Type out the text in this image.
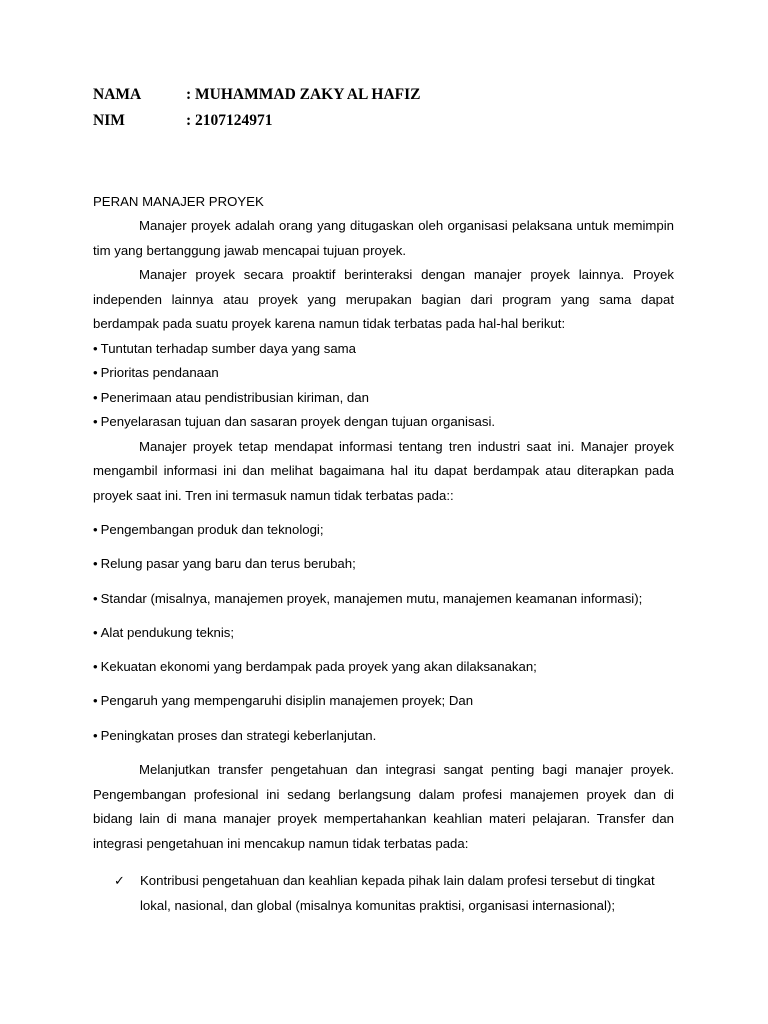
NAMA	: MUHAMMAD ZAKY AL HAFIZ
NIM	: 2107124971
PERAN MANAJER PROYEK

Manajer proyek adalah orang yang ditugaskan oleh organisasi pelaksana untuk memimpin tim yang bertanggung jawab mencapai tujuan proyek.

Manajer proyek secara proaktif berinteraksi dengan manajer proyek lainnya. Proyek independen lainnya atau proyek yang merupakan bagian dari program yang sama dapat berdampak pada suatu proyek karena namun tidak terbatas pada hal-hal berikut:

• Tuntutan terhadap sumber daya yang sama
• Prioritas pendanaan
• Penerimaan atau pendistribusian kiriman, dan
• Penyelarasan tujuan dan sasaran proyek dengan tujuan organisasi.

Manajer proyek tetap mendapat informasi tentang tren industri saat ini. Manajer proyek mengambil informasi ini dan melihat bagaimana hal itu dapat berdampak atau diterapkan pada proyek saat ini. Tren ini termasuk namun tidak terbatas pada::

• Pengembangan produk dan teknologi;
• Relung pasar yang baru dan terus berubah;
• Standar (misalnya, manajemen proyek, manajemen mutu, manajemen keamanan informasi);
• Alat pendukung teknis;
• Kekuatan ekonomi yang berdampak pada proyek yang akan dilaksanakan;
• Pengaruh yang mempengaruhi disiplin manajemen proyek; Dan
• Peningkatan proses dan strategi keberlanjutan.

Melanjutkan transfer pengetahuan dan integrasi sangat penting bagi manajer proyek. Pengembangan profesional ini sedang berlangsung dalam profesi manajemen proyek dan di bidang lain di mana manajer proyek mempertahankan keahlian materi pelajaran. Transfer dan integrasi pengetahuan ini mencakup namun tidak terbatas pada:

✓ Kontribusi pengetahuan dan keahlian kepada pihak lain dalam profesi tersebut di tingkat lokal, nasional, dan global (misalnya komunitas praktisi, organisasi internasional);
